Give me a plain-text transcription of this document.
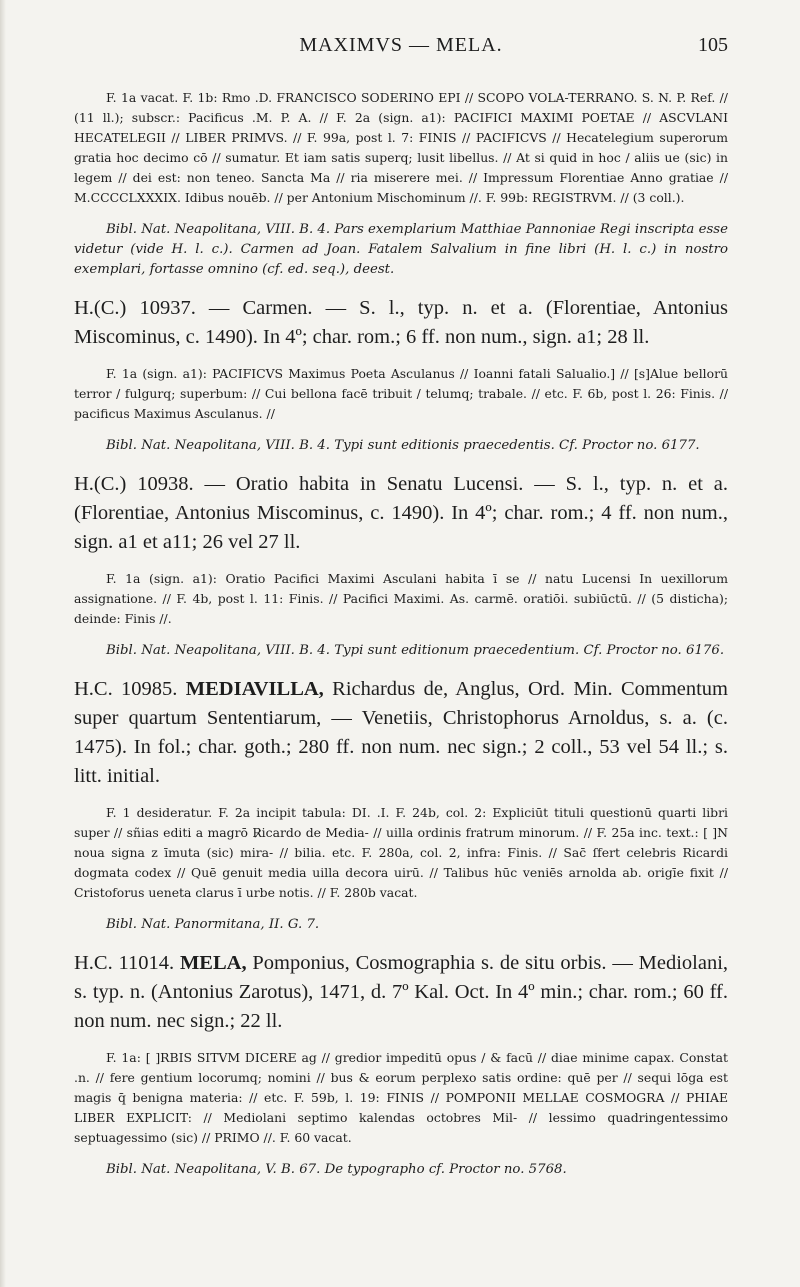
MAXIMVS — MELA.	105

F. 1a vacat. F. 1b: Rmo .D. FRANCISCO SODERINO EPI // SCOPO VOLA-TERRANO. S. N. P. Ref. // (11 ll.); subscr.: Pacificus .M. P. A. // F. 2a (sign. a1): PACIFICI MAXIMI POETAE // ASCVLANI HECATELEGII // LIBER PRIMVS. // F. 99a, post l. 7: FINIS // PACIFICVS // Hecatelegium superorum gratia hoc decimo cō // sumatur. Et iam satis superq; lusit libellus. // At si quid in hoc / aliis ue (sic) in legem // dei est: non teneo. Sancta Ma // ria miserere mei. // Impressum Florentiae Anno gratiae // M.CCCCLXXXIX. Idibus nouēb. // per Antonium Mischominum //. F. 99b: REGISTRVM. // (3 coll.).

Bibl. Nat. Neapolitana, VIII. B. 4. Pars exemplarium Matthiae Pannoniae Regi inscripta esse videtur (vide H. l. c.). Carmen ad Joan. Fatalem Salvalium in fine libri (H. l. c.) in nostro exemplari, fortasse omnino (cf. ed. seq.), deest.

H.(C.) 10937. — Carmen. — S. l., typ. n. et a. (Florentiae, Antonius Miscominus, c. 1490). In 4º; char. rom.; 6 ff. non num., sign. a1; 28 ll.

F. 1a (sign. a1): PACIFICVS Maximus Poeta Asculanus // Ioanni fatali Salualio.] // [s]Alue bellorū terror / fulgurq; superbum: // Cui bellona facē tribuit / telumq; trabale. // etc. F. 6b, post l. 26: Finis. // pacificus Maximus Asculanus. //

Bibl. Nat. Neapolitana, VIII. B. 4. Typi sunt editionis praecedentis. Cf. Proctor no. 6177.

H.(C.) 10938. — Oratio habita in Senatu Lucensi. — S. l., typ. n. et a. (Florentiae, Antonius Miscominus, c. 1490). In 4º; char. rom.; 4 ff. non num., sign. a1 et a11; 26 vel 27 ll.

F. 1a (sign. a1): Oratio Pacifici Maximi Asculani habita ī se // natu Lucensi In uexillorum assignatione. // F. 4b, post l. 11: Finis. // Pacifici Maximi. As. carmē. oratiōi. subiūctū. // (5 disticha); deinde: Finis //.

Bibl. Nat. Neapolitana, VIII. B. 4. Typi sunt editionum praecedentium. Cf. Proctor no. 6176.

H.C. 10985. MEDIAVILLA, Richardus de, Anglus, Ord. Min. Commentum super quartum Sententiarum, — Venetiis, Christophorus Arnoldus, s. a. (c. 1475). In fol.; char. goth.; 280 ff. non num. nec sign.; 2 coll., 53 vel 54 ll.; s. litt. initial.

F. 1 desideratur. F. 2a incipit tabula: DI. .I. F. 24b, col. 2: Expliciūt tituli questionū quarti libri super // sñias editi a magrō R̷icardo de Media- // uilla ordinis fratrum minorum. // F. 25a inc. text.: [ ]N noua signa z īmuta (sic) mira- // bilia. etc. F. 280a, col. 2, infra: Finis. // Sac̄ ſfert celebris Ricardi dogmata codex // Quē genuit media uilla decora uirū. // Talibus hūc veniēs arnolda ab. origīe fixit // Cristoforus ueneta clarus ī urbe notis. // F. 280b vacat.

Bibl. Nat. Panormitana, II. G. 7.

H.C. 11014. MELA, Pomponius, Cosmographia s. de situ orbis. — Mediolani, s. typ. n. (Antonius Zarotus), 1471, d. 7º Kal. Oct. In 4º min.; char. rom.; 60 ff. non num. nec sign.; 22 ll.

F. 1a: [ ]RBIS SITVM DICERE ag // gredior impeditū opus / & facū // diae minime capax. Constat .n. // fere gentium locorumq; nomini // bus & eorum perplexo satis ordine: quē per // sequi lōga est magis q̄ benigna materia: // etc. F. 59b, l. 19: FINIS // POMPONII MELLAE COSMOGRA // PHIAE LIBER EXPLICIT: // Mediolani septimo kalendas octobres Mil- // lessimo quadringentessimo septuagessimo (sic) // PRIMO //. F. 60 vacat.

Bibl. Nat. Neapolitana, V. B. 67. De typographo cf. Proctor no. 5768.
